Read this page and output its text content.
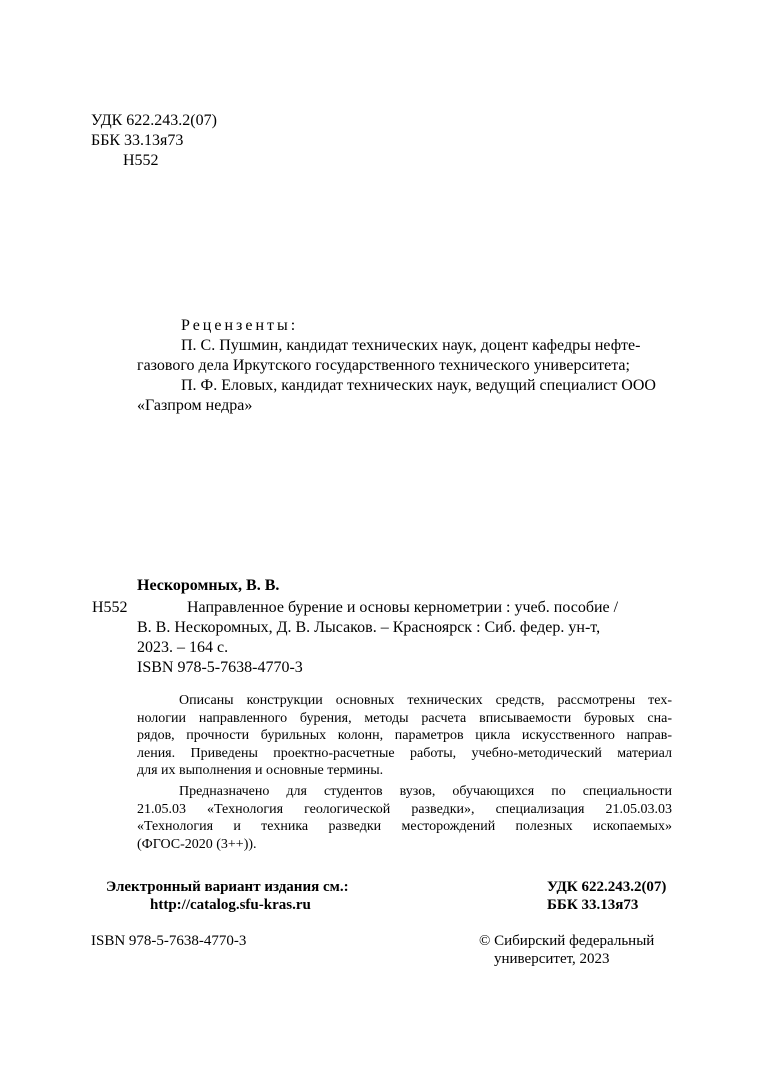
УДК 622.243.2(07)
ББК 33.13я73
Н552
Рецензенты:
П. С. Пушмин, кандидат технических наук, доцент кафедры нефте-
газового дела Иркутского государственного технического университета;
П. Ф. Еловых, кандидат технических наук, ведущий специалист ООО
«Газпром недра»
Нескоромных, В. В.
Н552	Направленное бурение и основы кернометрии : учеб. пособие /
В. В. Нескоромных, Д. В. Лысаков. – Красноярск : Сиб. федер. ун-т,
2023. – 164 с.
ISBN 978-5-7638-4770-3
Описаны конструкции основных технических средств, рассмотрены тех-
нологии направленного бурения, методы расчета вписываемости буровых сна-
рядов, прочности бурильных колонн, параметров цикла искусственного направ-
ления. Приведены проектно-расчетные работы, учебно-методический материал
для их выполнения и основные термины.
Предназначено для студентов вузов, обучающихся по специальности
21.05.03 «Технология геологической разведки», специализация 21.05.03.03
«Технология и техника разведки месторождений полезных ископаемых»
(ФГОС-2020 (3++)).
Электронный вариант издания см.:
http://catalog.sfu-kras.ru
УДК 622.243.2(07)
ББК 33.13я73
ISBN 978-5-7638-4770-3	© Сибирский федеральный
университет, 2023
